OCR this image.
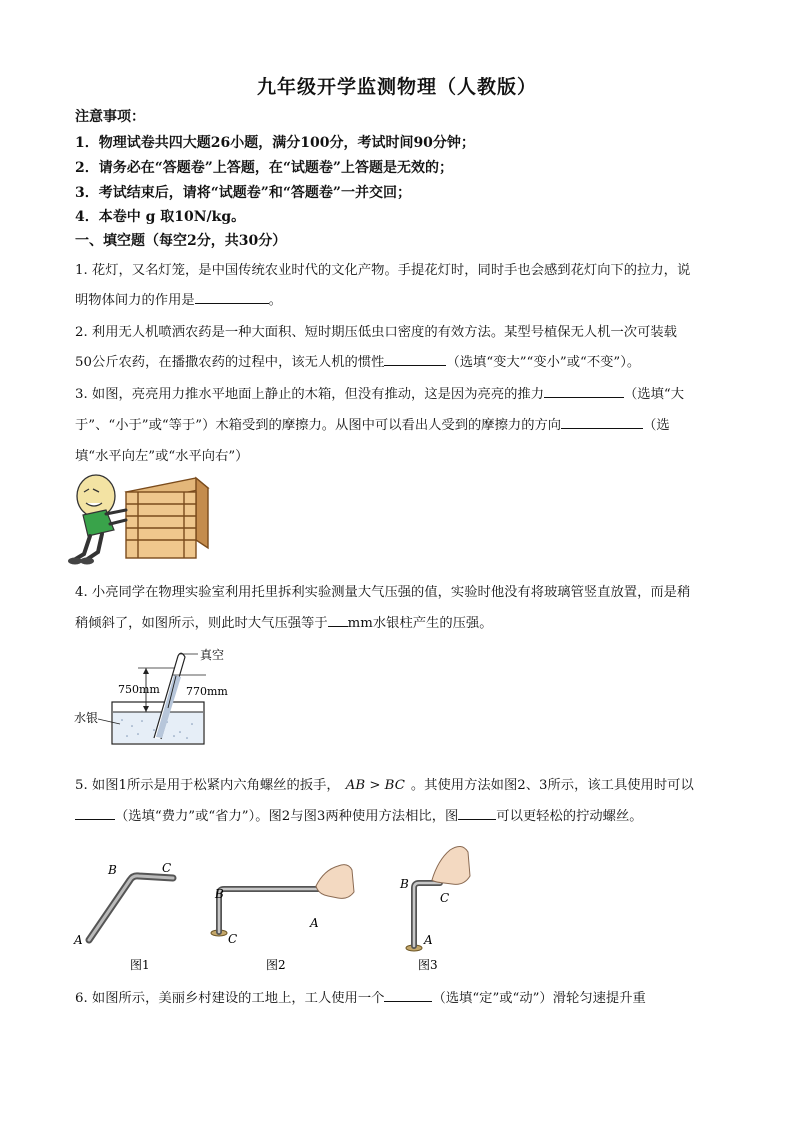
九年级开学监测物理（人教版）
注意事项：
1．物理试卷共四大题26小题，满分100分，考试时间90分钟；
2．请务必在“答题卷”上答题，在“试题卷”上答题是无效的；
3．考试结束后，请将“试题卷”和“答题卷”一并交回；
4．本卷中 g 取10N/kg。
一、填空题（每空2分，共30分）
1. 花灯，又名灯笼，是中国传统农业时代的文化产物。手提花灯时，同时手也会感到花灯向下的拉力，说
明物体间力的作用是	。
2. 利用无人机喷洒农药是一种大面积、短时期压低虫口密度的有效方法。某型号植保无人机一次可装载
50公斤农药，在播撒农药的过程中，该无人机的惯性	（选填“变大”“变小”或“不变”）。
3. 如图，亮亮用力推水平地面上静止的木箱，但没有推动，这是因为亮亮的推力	（选填“大
于”、“小于”或“等于”）木箱受到的摩擦力。从图中可以看出人受到的摩擦力的方向	（选
填“水平向左”或“水平向右”）
4. 小亮同学在物理实验室利用托里拆利实验测量大气压强的值，实验时他没有将玻璃管竖直放置，而是稍
稍倾斜了，如图所示，则此时大气压强等于 mm水银柱产生的压强。
真空
750mm 770mm
水银
5. 如图1所示是用于松紧内六角螺丝的扳手， AB > BC 。其使用方法如图2、3所示，该工具使用时可以
（选填“费力”或“省力”）。图2与图3两种使用方法相比，图	可以更轻松的拧动螺丝。
A
B	C
图1
B
C
A
图2
B
C
A
图3
6. 如图所示，美丽乡村建设的工地上，工人使用一个	（选填“定”或“动”）滑轮匀速提升重
